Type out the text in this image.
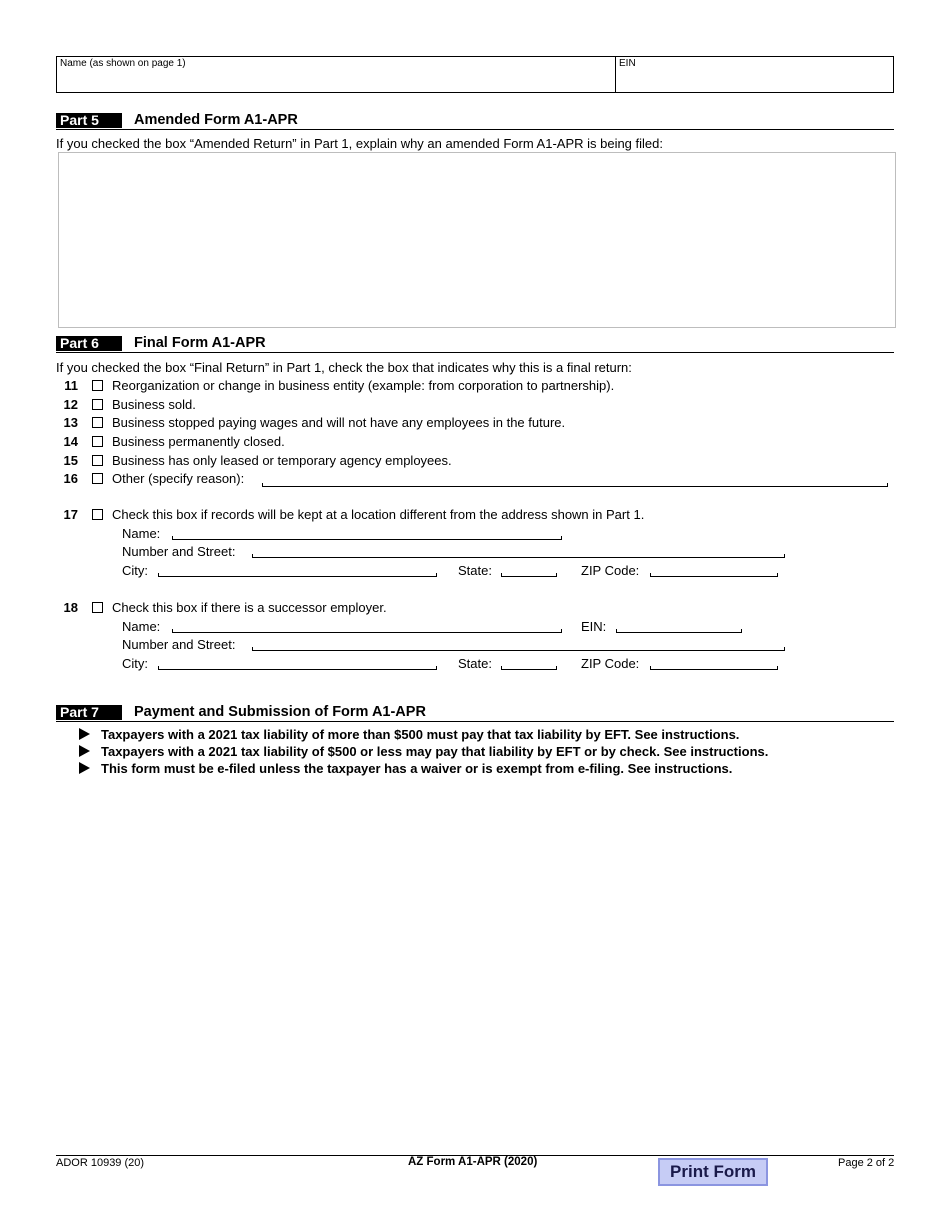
Name (as shown on page 1)	EIN
Part 5	Amended Form A1-APR
If you checked the box “Amended Return” in Part 1, explain why an amended Form A1-APR is being filed:
Part 6	Final Form A1-APR
If you checked the box “Final Return” in Part 1, check the box that indicates why this is a final return:
11	Reorganization or change in business entity (example: from corporation to partnership).
12	Business sold.
13	Business stopped paying wages and will not have any employees in the future.
14	Business permanently closed.
15	Business has only leased or temporary agency employees.
16	Other (specify reason):
17	Check this box if records will be kept at a location different from the address shown in Part 1.
Name:
Number and Street:
City:	State:	ZIP Code:
18	Check this box if there is a successor employer.
Name:	EIN:
Number and Street:
City:	State:	ZIP Code:
Part 7	Payment and Submission of Form A1-APR
Taxpayers with a 2021 tax liability of more than $500 must pay that tax liability by EFT. See instructions.
Taxpayers with a 2021 tax liability of $500 or less may pay that liability by EFT or by check. See instructions.
This form must be e-filed unless the taxpayer has a waiver or is exempt from e-filing. See instructions.
ADOR 10939 (20)	AZ Form A1-APR (2020)	Print Form	Page 2 of 2
